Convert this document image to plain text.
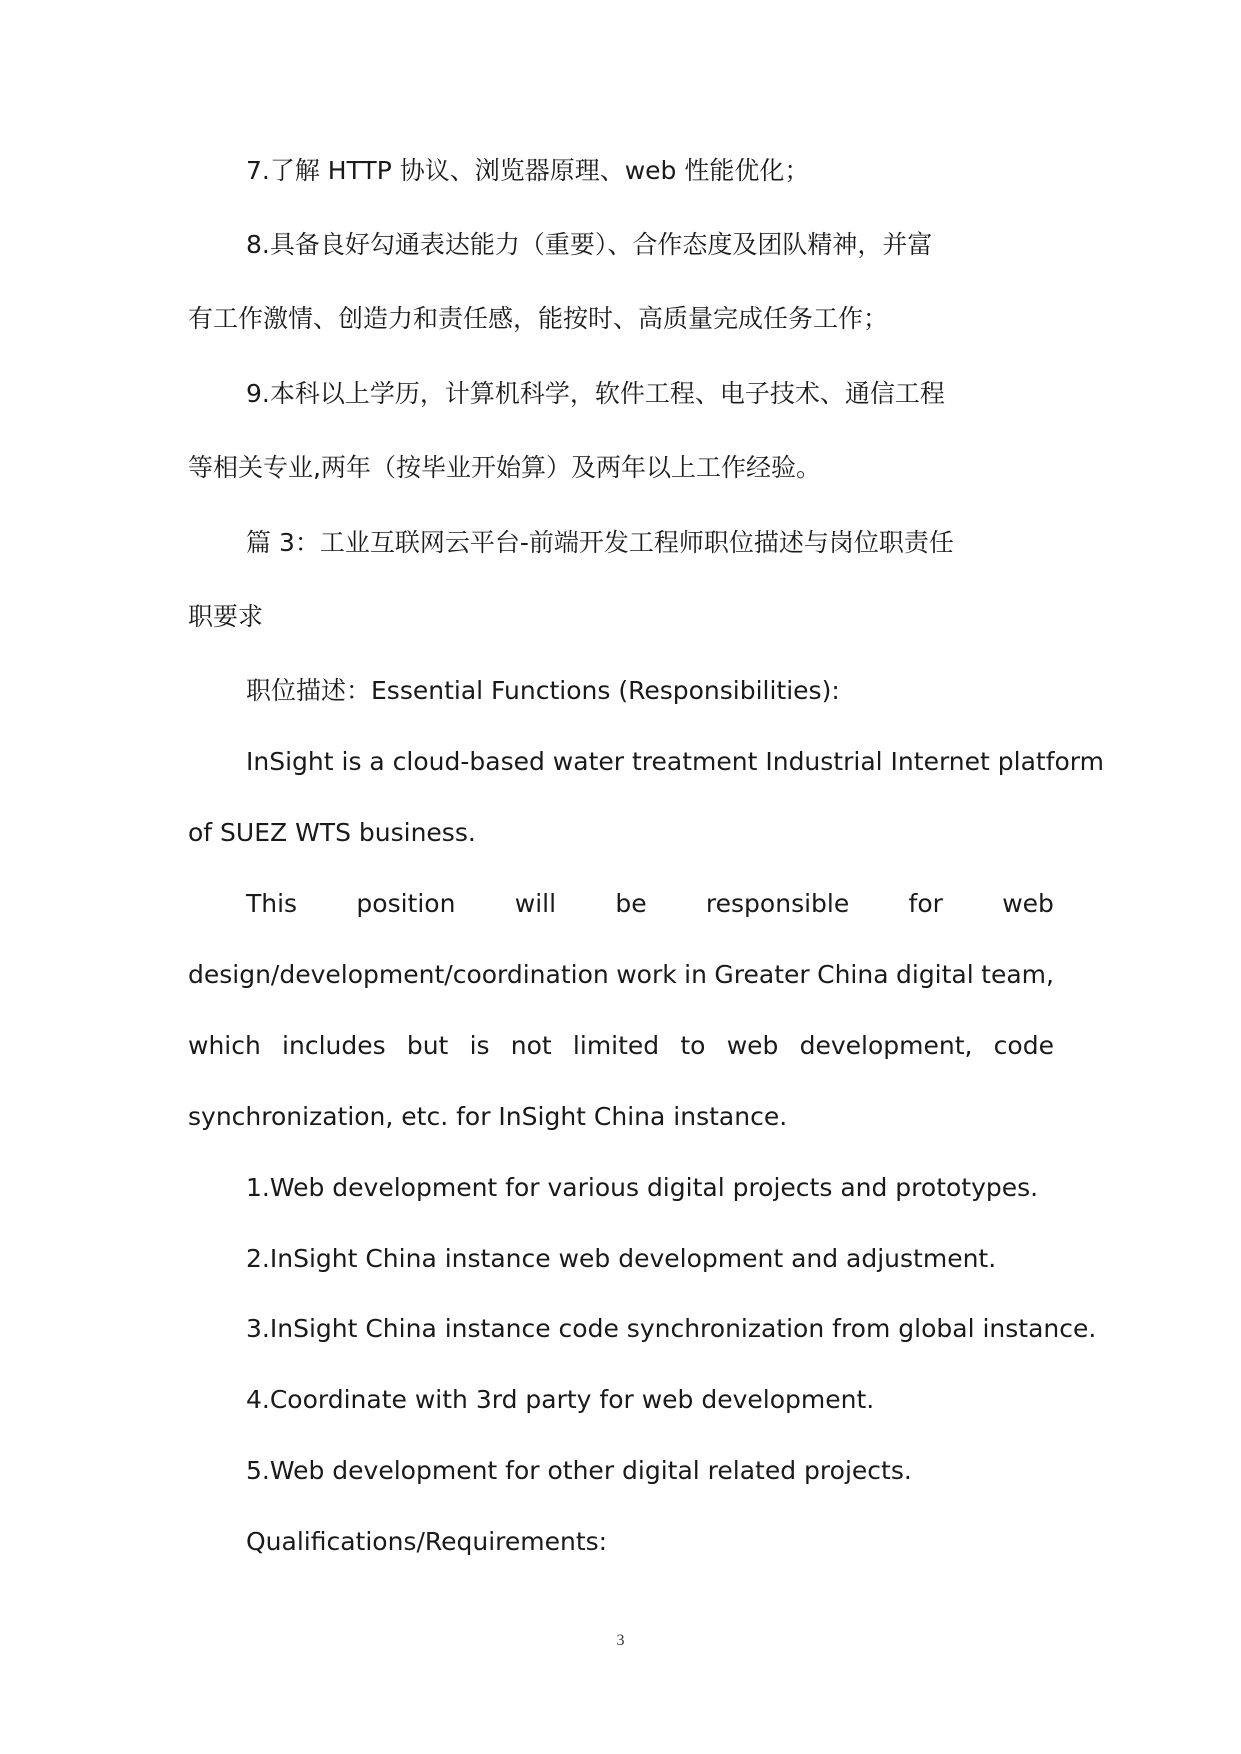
7.了解 HTTP 协议、浏览器原理、web 性能优化；
8.具备良好勾通表达能力（重要）、合作态度及团队精神，并富
有工作激情、创造力和责任感，能按时、高质量完成任务工作；
9.本科以上学历，计算机科学，软件工程、电子技术、通信工程
等相关专业,两年（按毕业开始算）及两年以上工作经验。
篇 3：工业互联网云平台-前端开发工程师职位描述与岗位职责任
职要求
职位描述：Essential Functions (Responsibilities):
InSight is a cloud-based water treatment Industrial Internet platform
of SUEZ WTS business.
This position will be responsible for web
design/development/coordination work in Greater China digital team,
which includes but is not limited to web development, code
synchronization, etc. for InSight China instance.
1.Web development for various digital projects and prototypes.
2.InSight China instance web development and adjustment.
3.InSight China instance code synchronization from global instance.
4.Coordinate with 3rd party for web development.
5.Web development for other digital related projects.
Qualifications/Requirements:
3
